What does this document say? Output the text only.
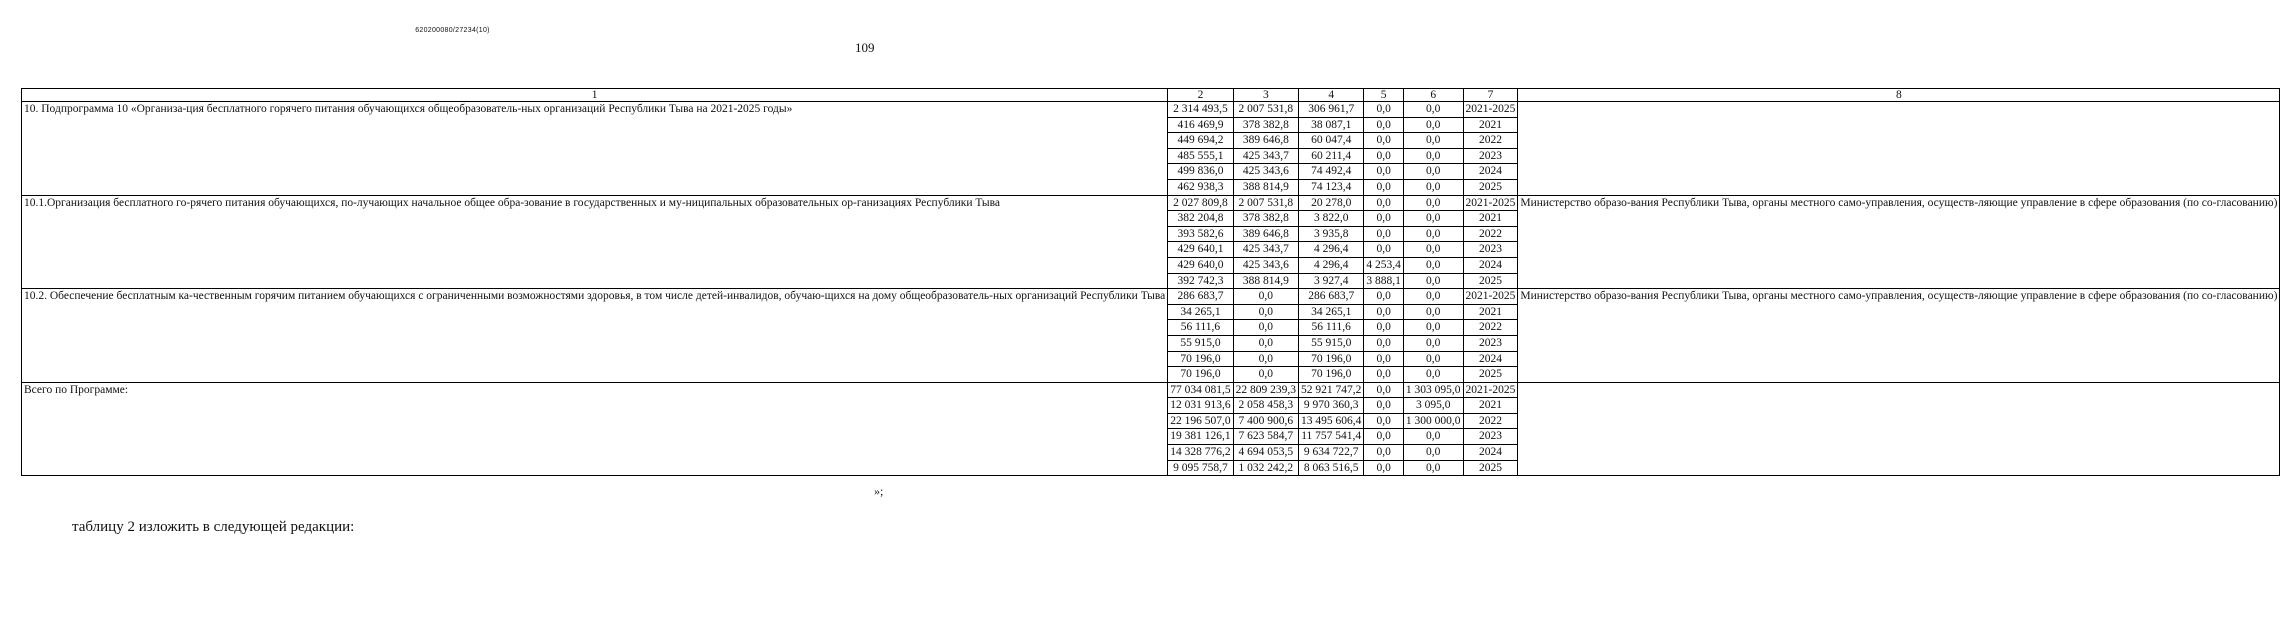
620200080/27234(10)
109
1	2	3	4	5	6	7	8
10. Подпрограмма 10 «Организа-ция бесплатного горячего питания обучающихся общеобразователь-ных организаций Республики Тыва на 2021-2025 годы»	2 314 493,5	2 007 531,8	306 961,7	0,0	0,0	2021-2025	
	416 469,9	378 382,8	38 087,1	0,0	0,0	2021	
	449 694,2	389 646,8	60 047,4	0,0	0,0	2022	
	485 555,1	425 343,7	60 211,4	0,0	0,0	2023	
	499 836,0	425 343,6	74 492,4	0,0	0,0	2024	
	462 938,3	388 814,9	74 123,4	0,0	0,0	2025	
10.1.Организация бесплатного го-рячего питания обучающихся, по-лучающих начальное общее обра-зование в государственных и му-ниципальных образовательных ор-ганизациях Республики Тыва	2 027 809,8	2 007 531,8	20 278,0	0,0	0,0	2021-2025	Министерство образо-вания Республики Тыва, органы местного само-управления, осуществ-ляющие управление в сфере образования (по со-гласованию)
	382 204,8	378 382,8	3 822,0	0,0	0,0	2021	
	393 582,6	389 646,8	3 935,8	0,0	0,0	2022	
	429 640,1	425 343,7	4 296,4	0,0	0,0	2023	
	429 640,0	425 343,6	4 296,4	4 253,4	0,0	2024	
	392 742,3	388 814,9	3 927,4	3 888,1	0,0	2025	
10.2. Обеспечение бесплатным ка-чественным горячим питанием обучающихся с ограниченными возможностями здоровья, в том числе детей-инвалидов, обучаю-щихся на дому общеобразователь-ных организаций Республики Тыва	286 683,7	0,0	286 683,7	0,0	0,0	2021-2025	Министерство образо-вания Республики Тыва, органы местного само-управления, осуществ-ляющие управление в сфере образования (по со-гласованию)
	34 265,1	0,0	34 265,1	0,0	0,0	2021	
	56 111,6	0,0	56 111,6	0,0	0,0	2022	
	55 915,0	0,0	55 915,0	0,0	0,0	2023	
	70 196,0	0,0	70 196,0	0,0	0,0	2024	
	70 196,0	0,0	70 196,0	0,0	0,0	2025	
Всего по Программе:	77 034 081,5	22 809 239,3	52 921 747,2	0,0	1 303 095,0	2021-2025	
	12 031 913,6	2 058 458,3	9 970 360,3	0,0	3 095,0	2021	
	22 196 507,0	7 400 900,6	13 495 606,4	0,0	1 300 000,0	2022	
	19 381 126,1	7 623 584,7	11 757 541,4	0,0	0,0	2023	
	14 328 776,2	4 694 053,5	9 634 722,7	0,0	0,0	2024	
	9 095 758,7	1 032 242,2	8 063 516,5	0,0	0,0	2025	
»;
таблицу 2 изложить в следующей редакции:
